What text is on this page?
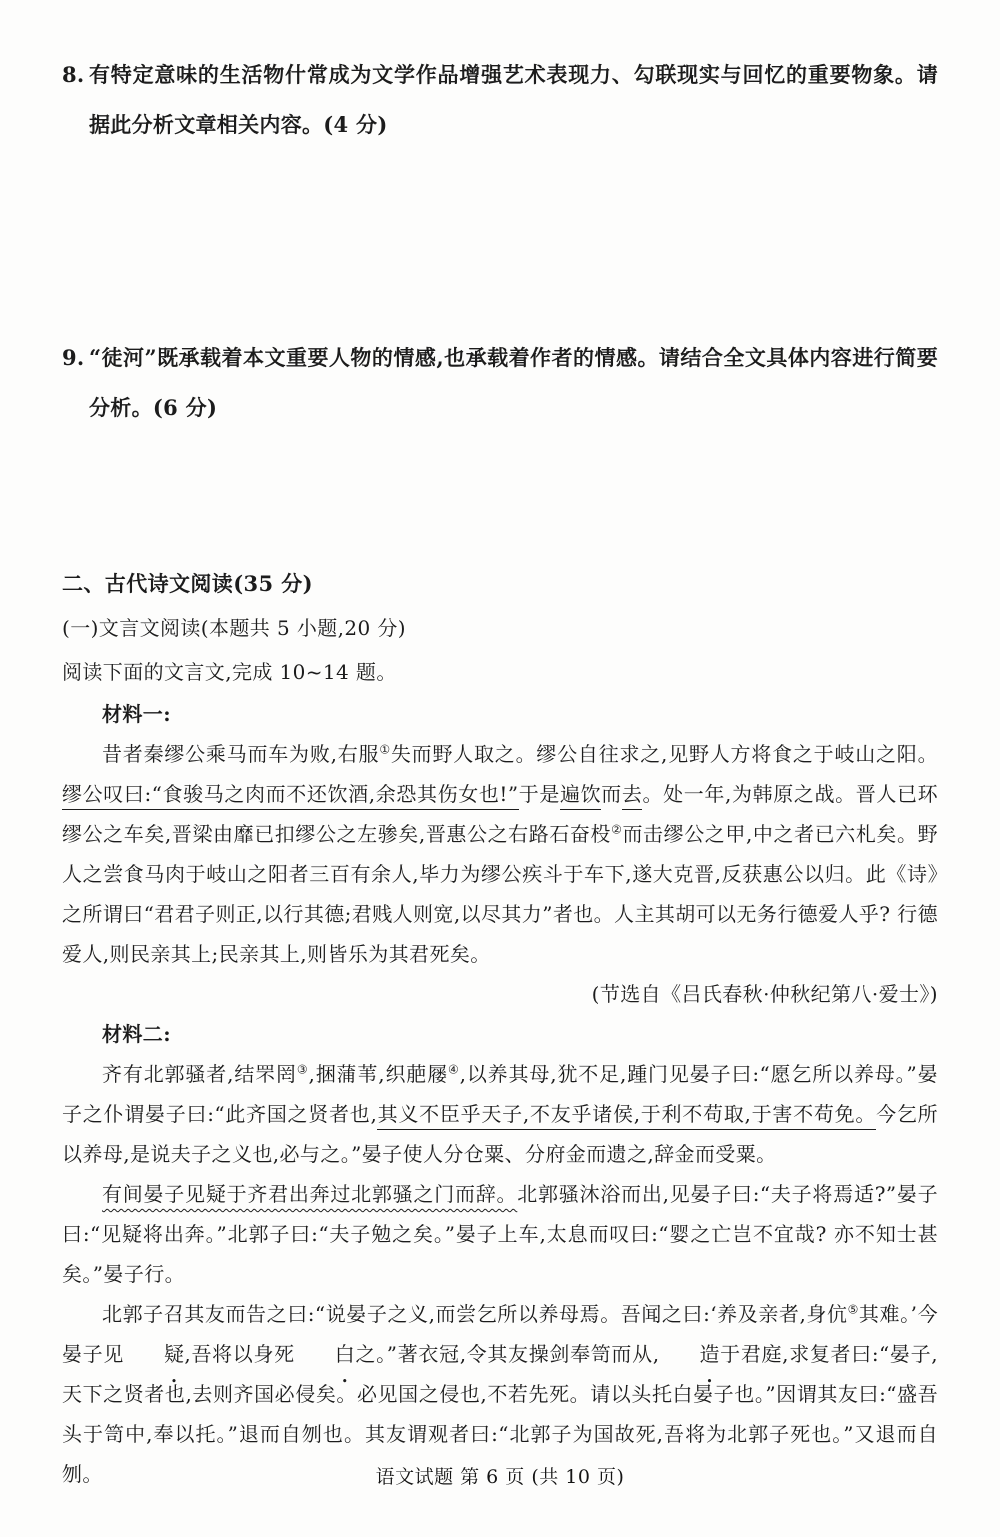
8. 有特定意味的生活物什常成为文学作品增强艺术表现力、勾联现实与回忆的重要物象。请据此分析文章相关内容。(4 分)
9. “徒河”既承载着本文重要人物的情感,也承载着作者的情感。请结合全文具体内容进行简要分析。(6 分)
二、古代诗文阅读(35 分)
(一)文言文阅读(本题共 5 小题,20 分)
阅读下面的文言文,完成 10~14 题。
材料一:

昔者秦缪公乘马而车为败,右服①失而野人取之。缪公自往求之,见野人方将食之于岐山之阳。缪公叹曰:“食骏马之肉而不还饮酒,余恐其伤女也!”于是遍饮而去。处一年,为韩原之战。晋人已环缪公之车矣,晋梁由靡已扣缪公之左骖矣,晋惠公之右路石奋杸②而击缪公之甲,中之者已六札矣。野人之尝食马肉于岐山之阳者三百有余人,毕力为缪公疾斗于车下,遂大克晋,反获惠公以归。此《诗》之所谓曰“君君子则正,以行其德;君贱人则宽,以尽其力”者也。人主其胡可以无务行德爱人乎? 行德爱人,则民亲其上;民亲其上,则皆乐为其君死矣。

(节选自《吕氏春秋·仲秋纪第八·爱士》)
材料二:

齐有北郭骚者,结罘罔③,捆蒲苇,织萉屦④,以养其母,犹不足,踵门见晏子曰:“愿乞所以养母。”晏子之仆谓晏子曰:“此齐国之贤者也,其义不臣乎天子,不友乎诸侯,于利不苟取,于害不苟免。今乞所以养母,是说夫子之义也,必与之。”晏子使人分仓粟、分府金而遗之,辞金而受粟。

有间晏子见疑于齐君出奔过北郭骚之门而辞。北郭骚沐浴而出,见晏子曰:“夫子将焉适?”晏子曰:“见疑将出奔。”北郭子曰:“夫子勉之矣。”晏子上车,太息而叹曰:“婴之亡岂不宜哉? 亦不知士甚矣。”晏子行。

北郭子召其友而告之曰:“说晏子之义,而尝乞所以养母焉。吾闻之曰:‘养及亲者,身伉⑤其难。’今晏子见 疑,吾将以身死 白之。”著衣冠,令其友操剑奉笥而从, 造于君庭,求复者曰:“晏子,天下之贤者也,去则齐国必侵矣。必见国之侵也,不若先死。请以头托白晏子也。”因谓其友曰:“盛吾头于笥中,奉以托。”退而自刎也。其友谓观者曰:“北郭子为国故死,吾将为北郭子死也。”又退而自刎。	语文试题 第 6 页 (共 10 页)
